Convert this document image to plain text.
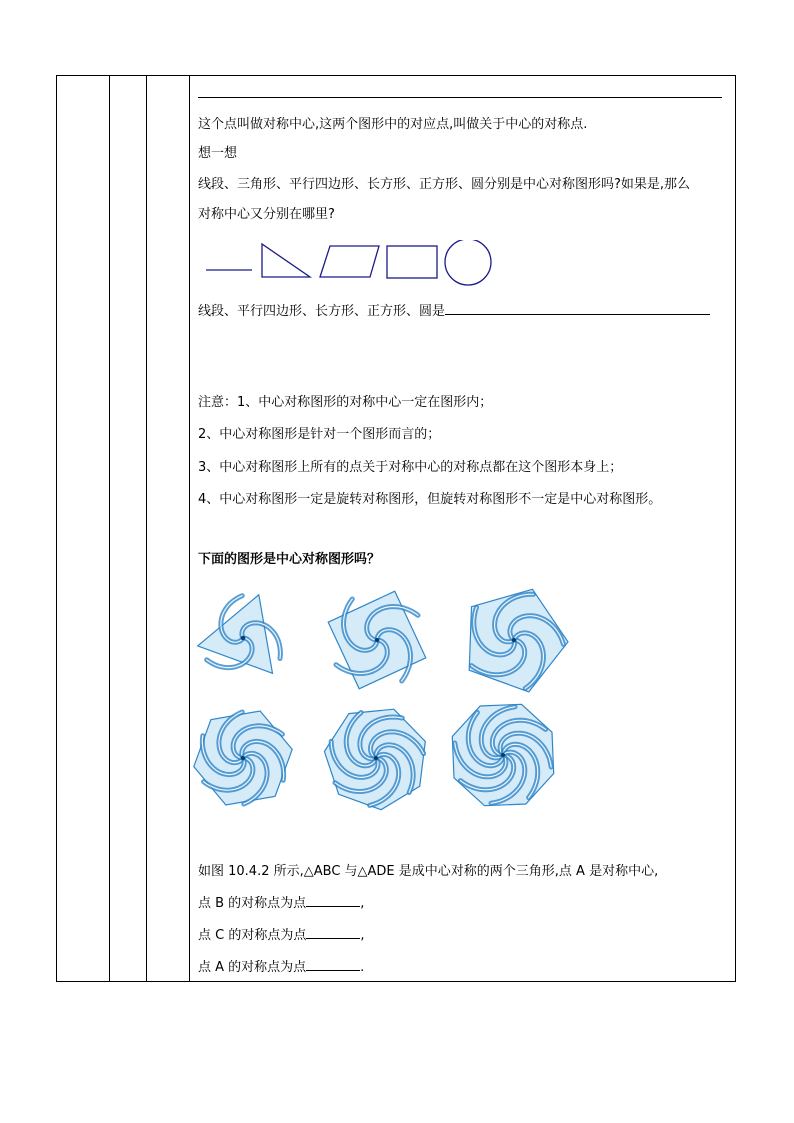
这个点叫做对称中心,这两个图形中的对应点,叫做关于中心的对称点.
想一想
线段、三角形、平行四边形、长方形、正方形、圆分别是中心对称图形吗?如果是,那么
对称中心又分别在哪里?
线段、平行四边形、长方形、正方形、圆是
注意：1、中心对称图形的对称中心一定在图形内；
2、中心对称图形是针对一个图形而言的；
3、中心对称图形上所有的点关于对称中心的对称点都在这个图形本身上；
4、中心对称图形一定是旋转对称图形，但旋转对称图形不一定是中心对称图形。
下面的图形是中心对称图形吗？
如图 10.4.2 所示,△ABC 与△ADE 是成中心对称的两个三角形,点 A 是对称中心,
点 B 的对称点为点	,
点 C 的对称点为点	,
点 A 的对称点为点	.
